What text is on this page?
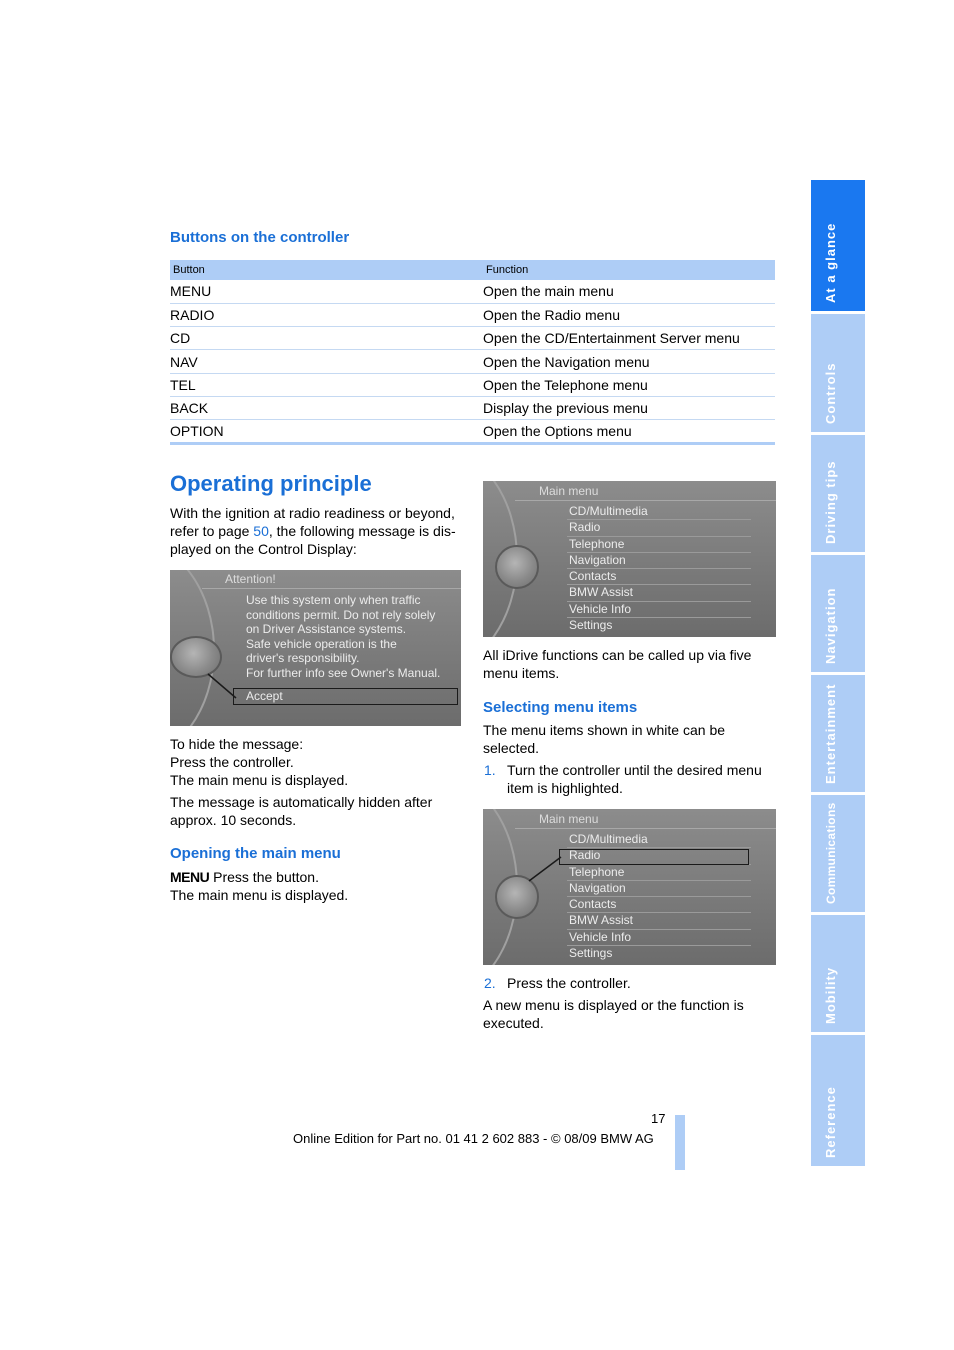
Buttons on the controller
Button	Function
MENU	Open the main menu
RADIO	Open the Radio menu
CD	Open the CD/Entertainment Server menu
NAV	Open the Navigation menu
TEL	Open the Telephone menu
BACK	Display the previous menu
OPTION	Open the Options menu
Operating principle
With the ignition at radio readiness or beyond, refer to page 50, the following message is dis-played on the Control Display:
Attention!
Use this system only when traffic
conditions permit. Do not rely solely
on Driver Assistance systems.
Safe vehicle operation is the
driver's responsibility.
For further info see Owner's Manual.
Accept
To hide the message:
Press the controller.
The main menu is displayed.
The message is automatically hidden after approx. 10 seconds.
Opening the main menu
MENU Press the button.
The main menu is displayed.
Main menu
CD/Multimedia
Radio
Telephone
Navigation
Contacts
BMW Assist
Vehicle Info
Settings
All iDrive functions can be called up via five menu items.
Selecting menu items
The menu items shown in white can be selected.
1. Turn the controller until the desired menu item is highlighted.
Main menu
CD/Multimedia
Radio
Telephone
Navigation
Contacts
BMW Assist
Vehicle Info
Settings
2. Press the controller.
A new menu is displayed or the function is executed.
At a glance
Controls
Driving tips
Navigation
Entertainment
Communications
Mobility
Reference
17
Online Edition for Part no. 01 41 2 602 883 - © 08/09 BMW AG
